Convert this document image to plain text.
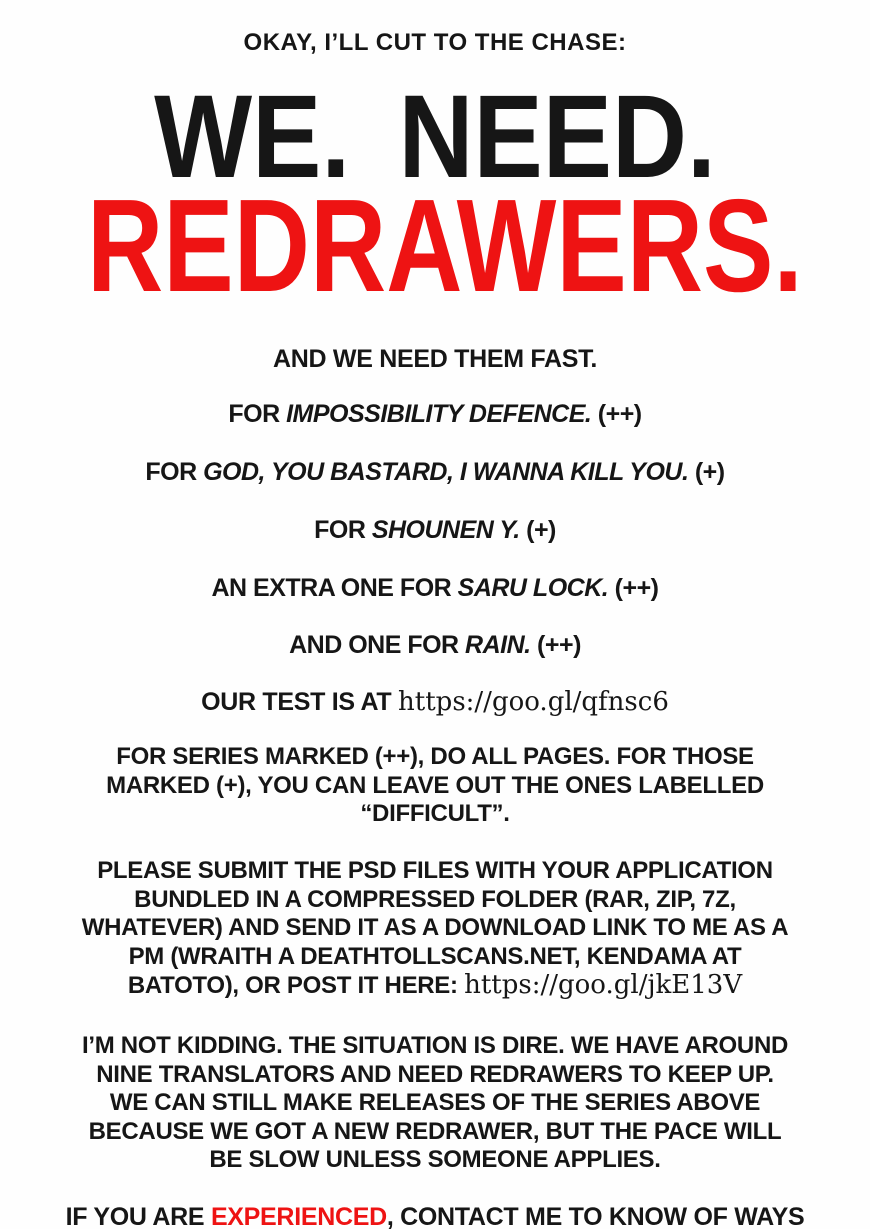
OKAY, I’LL CUT TO THE CHASE:
WE. NEED.
REDRAWERS.
AND WE NEED THEM FAST.
FOR IMPOSSIBILITY DEFENCE. (++)
FOR GOD, YOU BASTARD, I WANNA KILL YOU. (+)
FOR SHOUNEN Y. (+)
AN EXTRA ONE FOR SARU LOCK. (++)
AND ONE FOR RAIN. (++)
OUR TEST IS AT https://goo.gl/qfnsc6
FOR SERIES MARKED (++), DO ALL PAGES. FOR THOSE
MARKED (+), YOU CAN LEAVE OUT THE ONES LABELLED
“DIFFICULT”.
PLEASE SUBMIT THE PSD FILES WITH YOUR APPLICATION
BUNDLED IN A COMPRESSED FOLDER (RAR, ZIP, 7Z,
WHATEVER) AND SEND IT AS A DOWNLOAD LINK TO ME AS A
PM (WRAITH A DEATHTOLLSCANS.NET, KENDAMA AT
BATOTO), OR POST IT HERE: https://goo.gl/jkE13V
I’M NOT KIDDING. THE SITUATION IS DIRE. WE HAVE AROUND
NINE TRANSLATORS AND NEED REDRAWERS TO KEEP UP.
WE CAN STILL MAKE RELEASES OF THE SERIES ABOVE
BECAUSE WE GOT A NEW REDRAWER, BUT THE PACE WILL
BE SLOW UNLESS SOMEONE APPLIES.
IF YOU ARE EXPERIENCED, CONTACT ME TO KNOW OF WAYS
